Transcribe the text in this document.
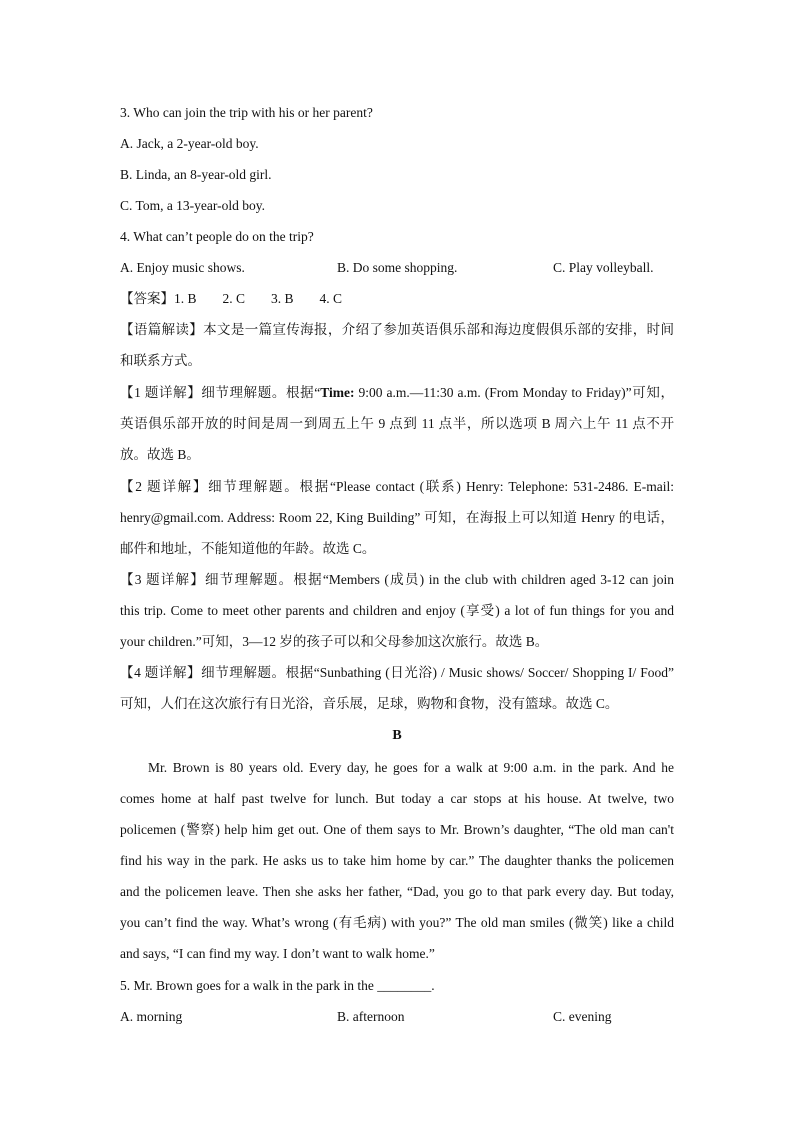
3. Who can join the trip with his or her parent?
A. Jack, a 2-year-old boy.
B. Linda, an 8-year-old girl.
C. Tom, a 13-year-old boy.
4. What can’t people do on the trip?
A. Enjoy music shows.	B. Do some shopping.	C. Play volleyball.
【答案】1. B 2. C 3. B 4. C
【语篇解读】本文是一篇宣传海报，介绍了参加英语俱乐部和海边度假俱乐部的安排，时间
和联系方式。
【1 题详解】细节理解题。根据“Time: 9:00 a.m.—11:30 a.m. (From Monday to Friday)”可知，
英语俱乐部开放的时间是周一到周五上午 9 点到 11 点半，所以选项 B 周六上午 11 点不开
放。故选 B。
【2 题详解】细节理解题。根据“Please contact (联系) Henry: Telephone: 531-2486. E-mail:
henry@gmail.com. Address: Room 22, King Building” 可知，在海报上可以知道 Henry 的电话，
邮件和地址，不能知道他的年龄。故选 C。
【3 题详解】细节理解题。根据“Members (成员) in the club with children aged 3-12 can join
this trip. Come to meet other parents and children and enjoy (享受) a lot of fun things for you and
your children.”可知，3—12 岁的孩子可以和父母参加这次旅行。故选 B。
【4 题详解】细节理解题。根据“Sunbathing (日光浴) / Music shows/ Soccer/ Shopping I/ Food”
可知，人们在这次旅行有日光浴，音乐展，足球，购物和食物，没有篮球。故选 C。
B
Mr. Brown is 80 years old. Every day, he goes for a walk at 9:00 a.m. in the park. And he
comes home at half past twelve for lunch. But today a car stops at his house. At twelve, two
policemen (警察) help him get out. One of them says to Mr. Brown’s daughter, “The old man can't
find his way in the park. He asks us to take him home by car.” The daughter thanks the policemen
and the policemen leave. Then she asks her father, “Dad, you go to that park every day. But today,
you can’t find the way. What’s wrong (有毛病) with you?” The old man smiles (微笑) like a child
and says, “I can find my way. I don’t want to walk home.”
5. Mr. Brown goes for a walk in the park in the ________.
A. morning	B. afternoon	C. evening
